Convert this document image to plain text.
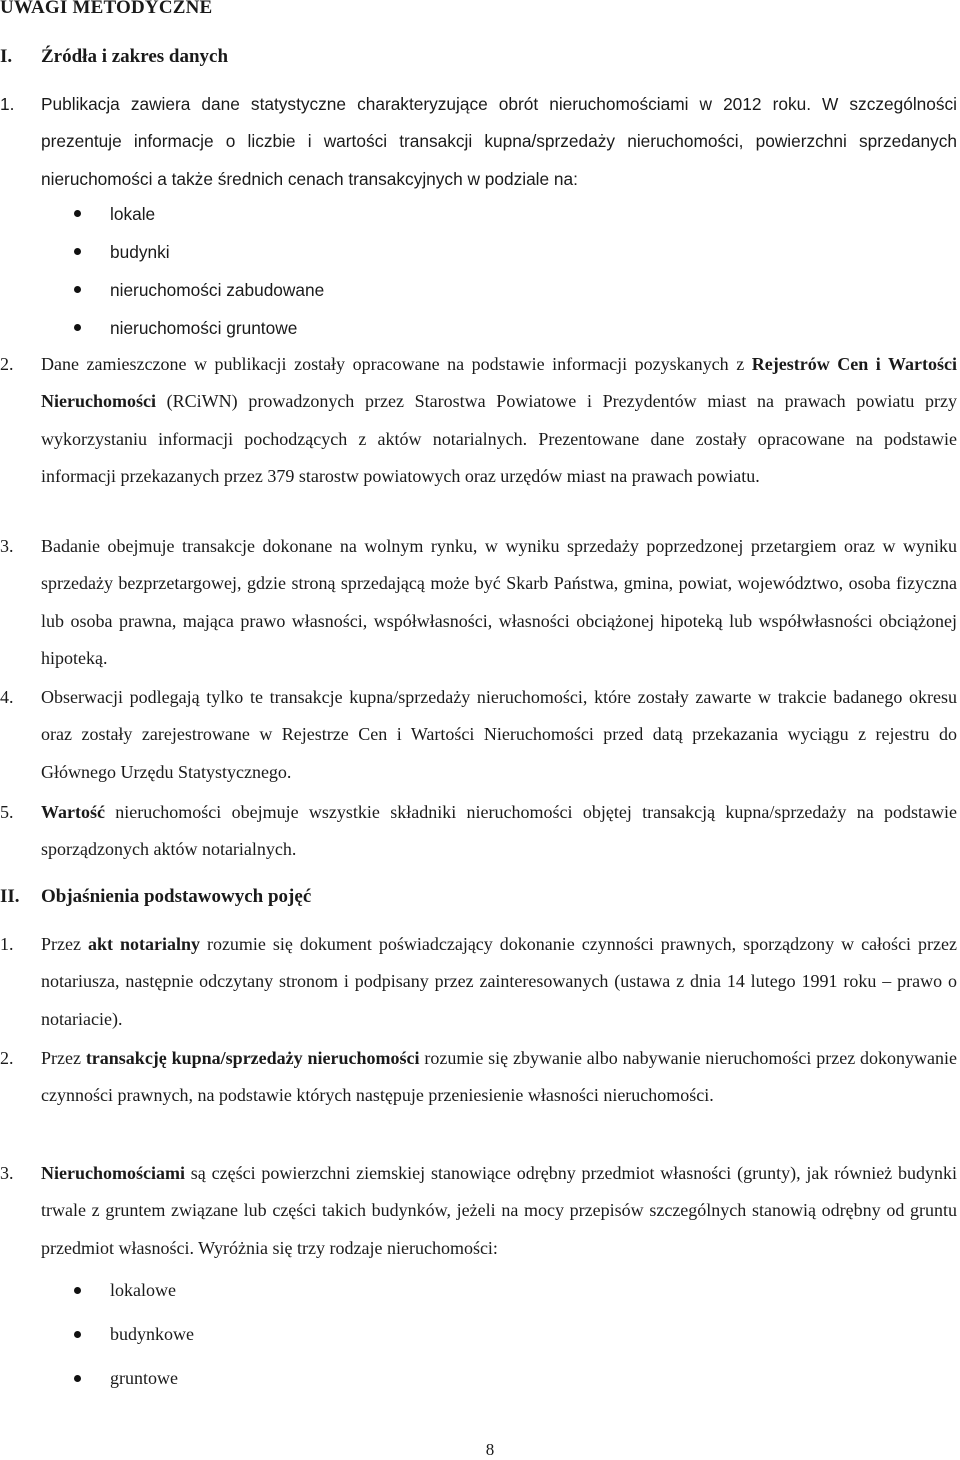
UWAGI METODYCZNE
I. Źródła i zakres danych
1. Publikacja zawiera dane statystyczne charakteryzujące obrót nieruchomościami w 2012 roku. W szczególności prezentuje informacje o liczbie i wartości transakcji kupna/sprzedaży nieruchomości, powierzchni sprzedanych nieruchomości a także średnich cenach transakcyjnych w podziale na:

lokale
budynki
nieruchomości zabudowane
nieruchomości gruntowe
2. Dane zamieszczone w publikacji zostały opracowane na podstawie informacji pozyskanych z Rejestrów Cen i Wartości Nieruchomości (RCiWN) prowadzonych przez Starostwa Powiatowe i Prezydentów miast na prawach powiatu przy wykorzystaniu informacji pochodzących z aktów notarialnych. Prezentowane dane zostały opracowane na podstawie informacji przekazanych przez 379 starostw powiatowych oraz urzędów miast na prawach powiatu.

3. Badanie obejmuje transakcje dokonane na wolnym rynku, w wyniku sprzedaży poprzedzonej przetargiem oraz w wyniku sprzedaży bezprzetargowej, gdzie stroną sprzedającą może być Skarb Państwa, gmina, powiat, województwo, osoba fizyczna lub osoba prawna, mająca prawo własności, współwłasności, własności obciążonej hipoteką lub współwłasności obciążonej hipoteką.

4. Obserwacji podlegają tylko te transakcje kupna/sprzedaży nieruchomości, które zostały zawarte w trakcie badanego okresu oraz zostały zarejestrowane w Rejestrze Cen i Wartości Nieruchomości przed datą przekazania wyciągu z rejestru do Głównego Urzędu Statystycznego.

5. Wartość nieruchomości obejmuje wszystkie składniki nieruchomości objętej transakcją kupna/sprzedaży na podstawie sporządzonych aktów notarialnych.

II. Objaśnienia podstawowych pojęć
1. Przez akt notarialny rozumie się dokument poświadczający dokonanie czynności prawnych, sporządzony w całości przez notariusza, następnie odczytany stronom i podpisany przez zainteresowanych (ustawa z dnia 14 lutego 1991 roku – prawo o notariacie).

2. Przez transakcję kupna/sprzedaży nieruchomości rozumie się zbywanie albo nabywanie nieruchomości przez dokonywanie czynności prawnych, na podstawie których następuje przeniesienie własności nieruchomości.

3. Nieruchomościami są części powierzchni ziemskiej stanowiące odrębny przedmiot własności (grunty), jak również budynki trwale z gruntem związane lub części takich budynków, jeżeli na mocy przepisów szczególnych stanowią odrębny od gruntu przedmiot własności. Wyróżnia się trzy rodzaje nieruchomości:

lokalowe
budynkowe
gruntowe
8
